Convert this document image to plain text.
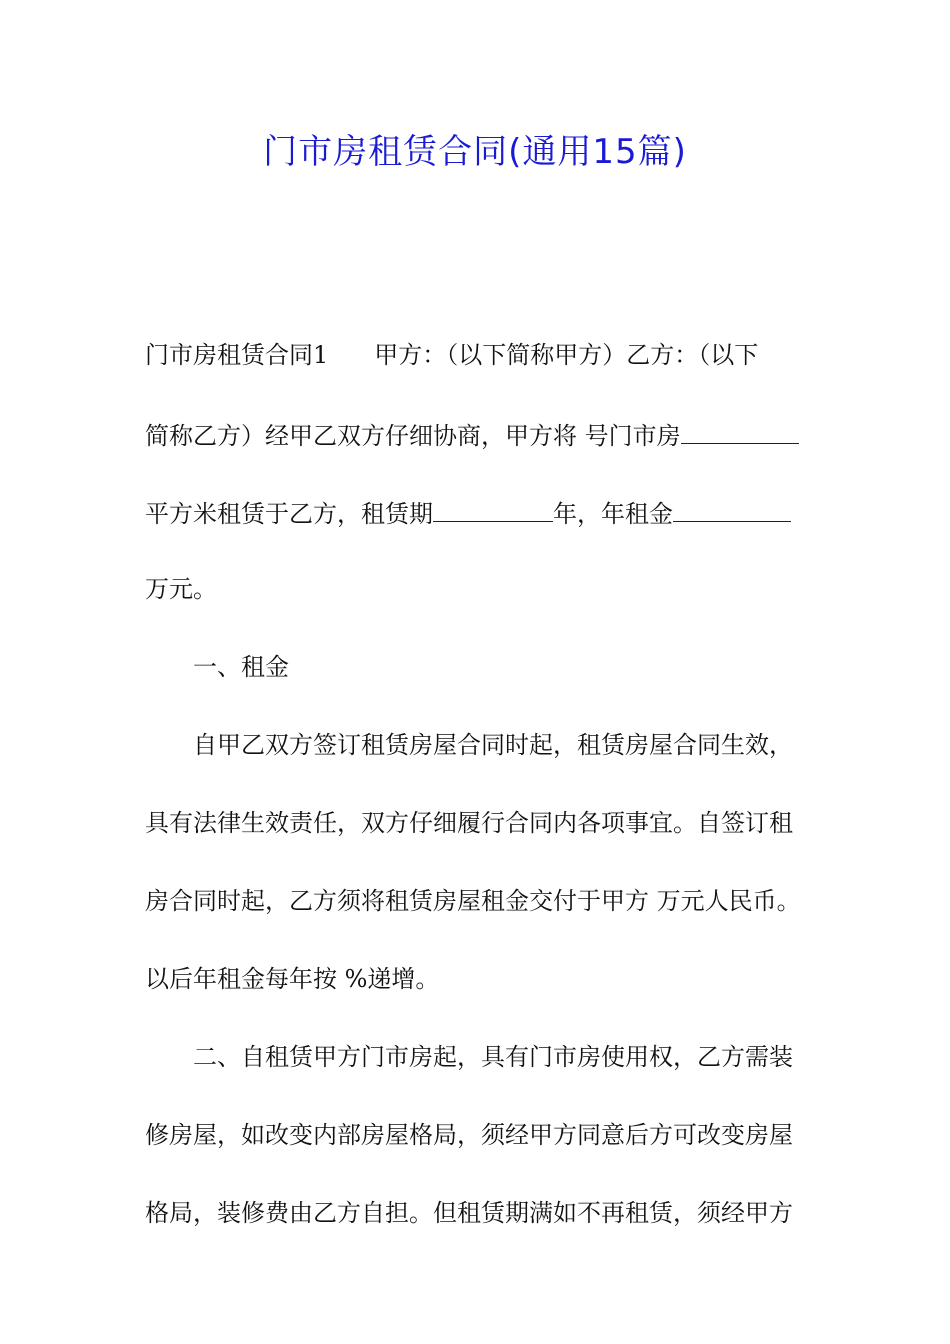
门市房租赁合同(通用15篇)
门市房租赁合同1 甲方：（以下简称甲方）乙方：（以下
简称乙方）经甲乙双方仔细协商，甲方将 号门市房
平方米租赁于乙方，租赁期	年，年租金
万元。
一、租金
自甲乙双方签订租赁房屋合同时起，租赁房屋合同生效，
具有法律生效责任，双方仔细履行合同内各项事宜。自签订租
房合同时起，乙方须将租赁房屋租金交付于甲方 万元人民币。
以后年租金每年按 %递增。
二、自租赁甲方门市房起，具有门市房使用权，乙方需装
修房屋，如改变内部房屋格局，须经甲方同意后方可改变房屋
格局，装修费由乙方自担。但租赁期满如不再租赁，须经甲方
